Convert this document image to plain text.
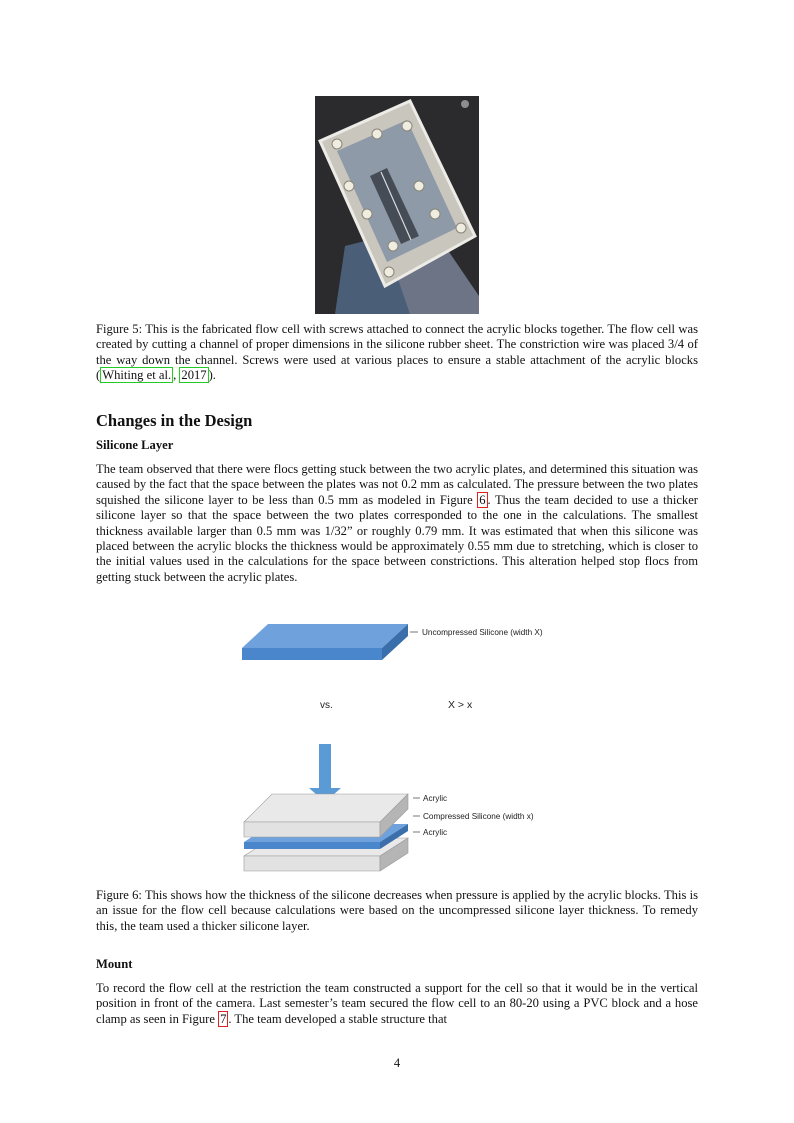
Figure 5: This is the fabricated flow cell with screws attached to connect the acrylic blocks together. The flow cell was created by cutting a channel of proper dimensions in the silicone rubber sheet. The constriction wire was placed 3/4 of the way down the channel. Screws were used at various places to ensure a stable attachment of the acrylic blocks ( Whiting et al. , 2017 ).
Changes in the Design
Silicone Layer
The team observed that there were flocs getting stuck between the two acrylic plates, and determined this situation was caused by the fact that the space between the plates was not 0.2 mm as calculated. The pressure between the two plates squished the silicone layer to be less than 0.5 mm as modeled in Figure 6 . Thus the team decided to use a thicker silicone layer so that the space between the two plates corresponded to the one in the calculations. The smallest thickness available larger than 0.5 mm was 1/32” or roughly 0.79 mm. It was estimated that when this silicone was placed between the acrylic blocks the thickness would be approximately 0.55 mm due to stretching, which is closer to the initial values used in the calculations for the space between constrictions. This alteration helped stop flocs from getting stuck between the acrylic plates.
Uncompressed Silicone (width X)
vs.	X > x
Acrylic
Compressed Silicone (width x)
Acrylic
Figure 6: This shows how the thickness of the silicone decreases when pressure is applied by the acrylic blocks. This is an issue for the flow cell because calculations were based on the uncompressed silicone layer thickness. To remedy this, the team used a thicker silicone layer.
Mount
To record the flow cell at the restriction the team constructed a support for the cell so that it would be in the vertical position in front of the camera. Last semester’s team secured the flow cell to an 80-20 using a PVC block and a hose clamp as seen in Figure 7 . The team developed a stable structure that
4
